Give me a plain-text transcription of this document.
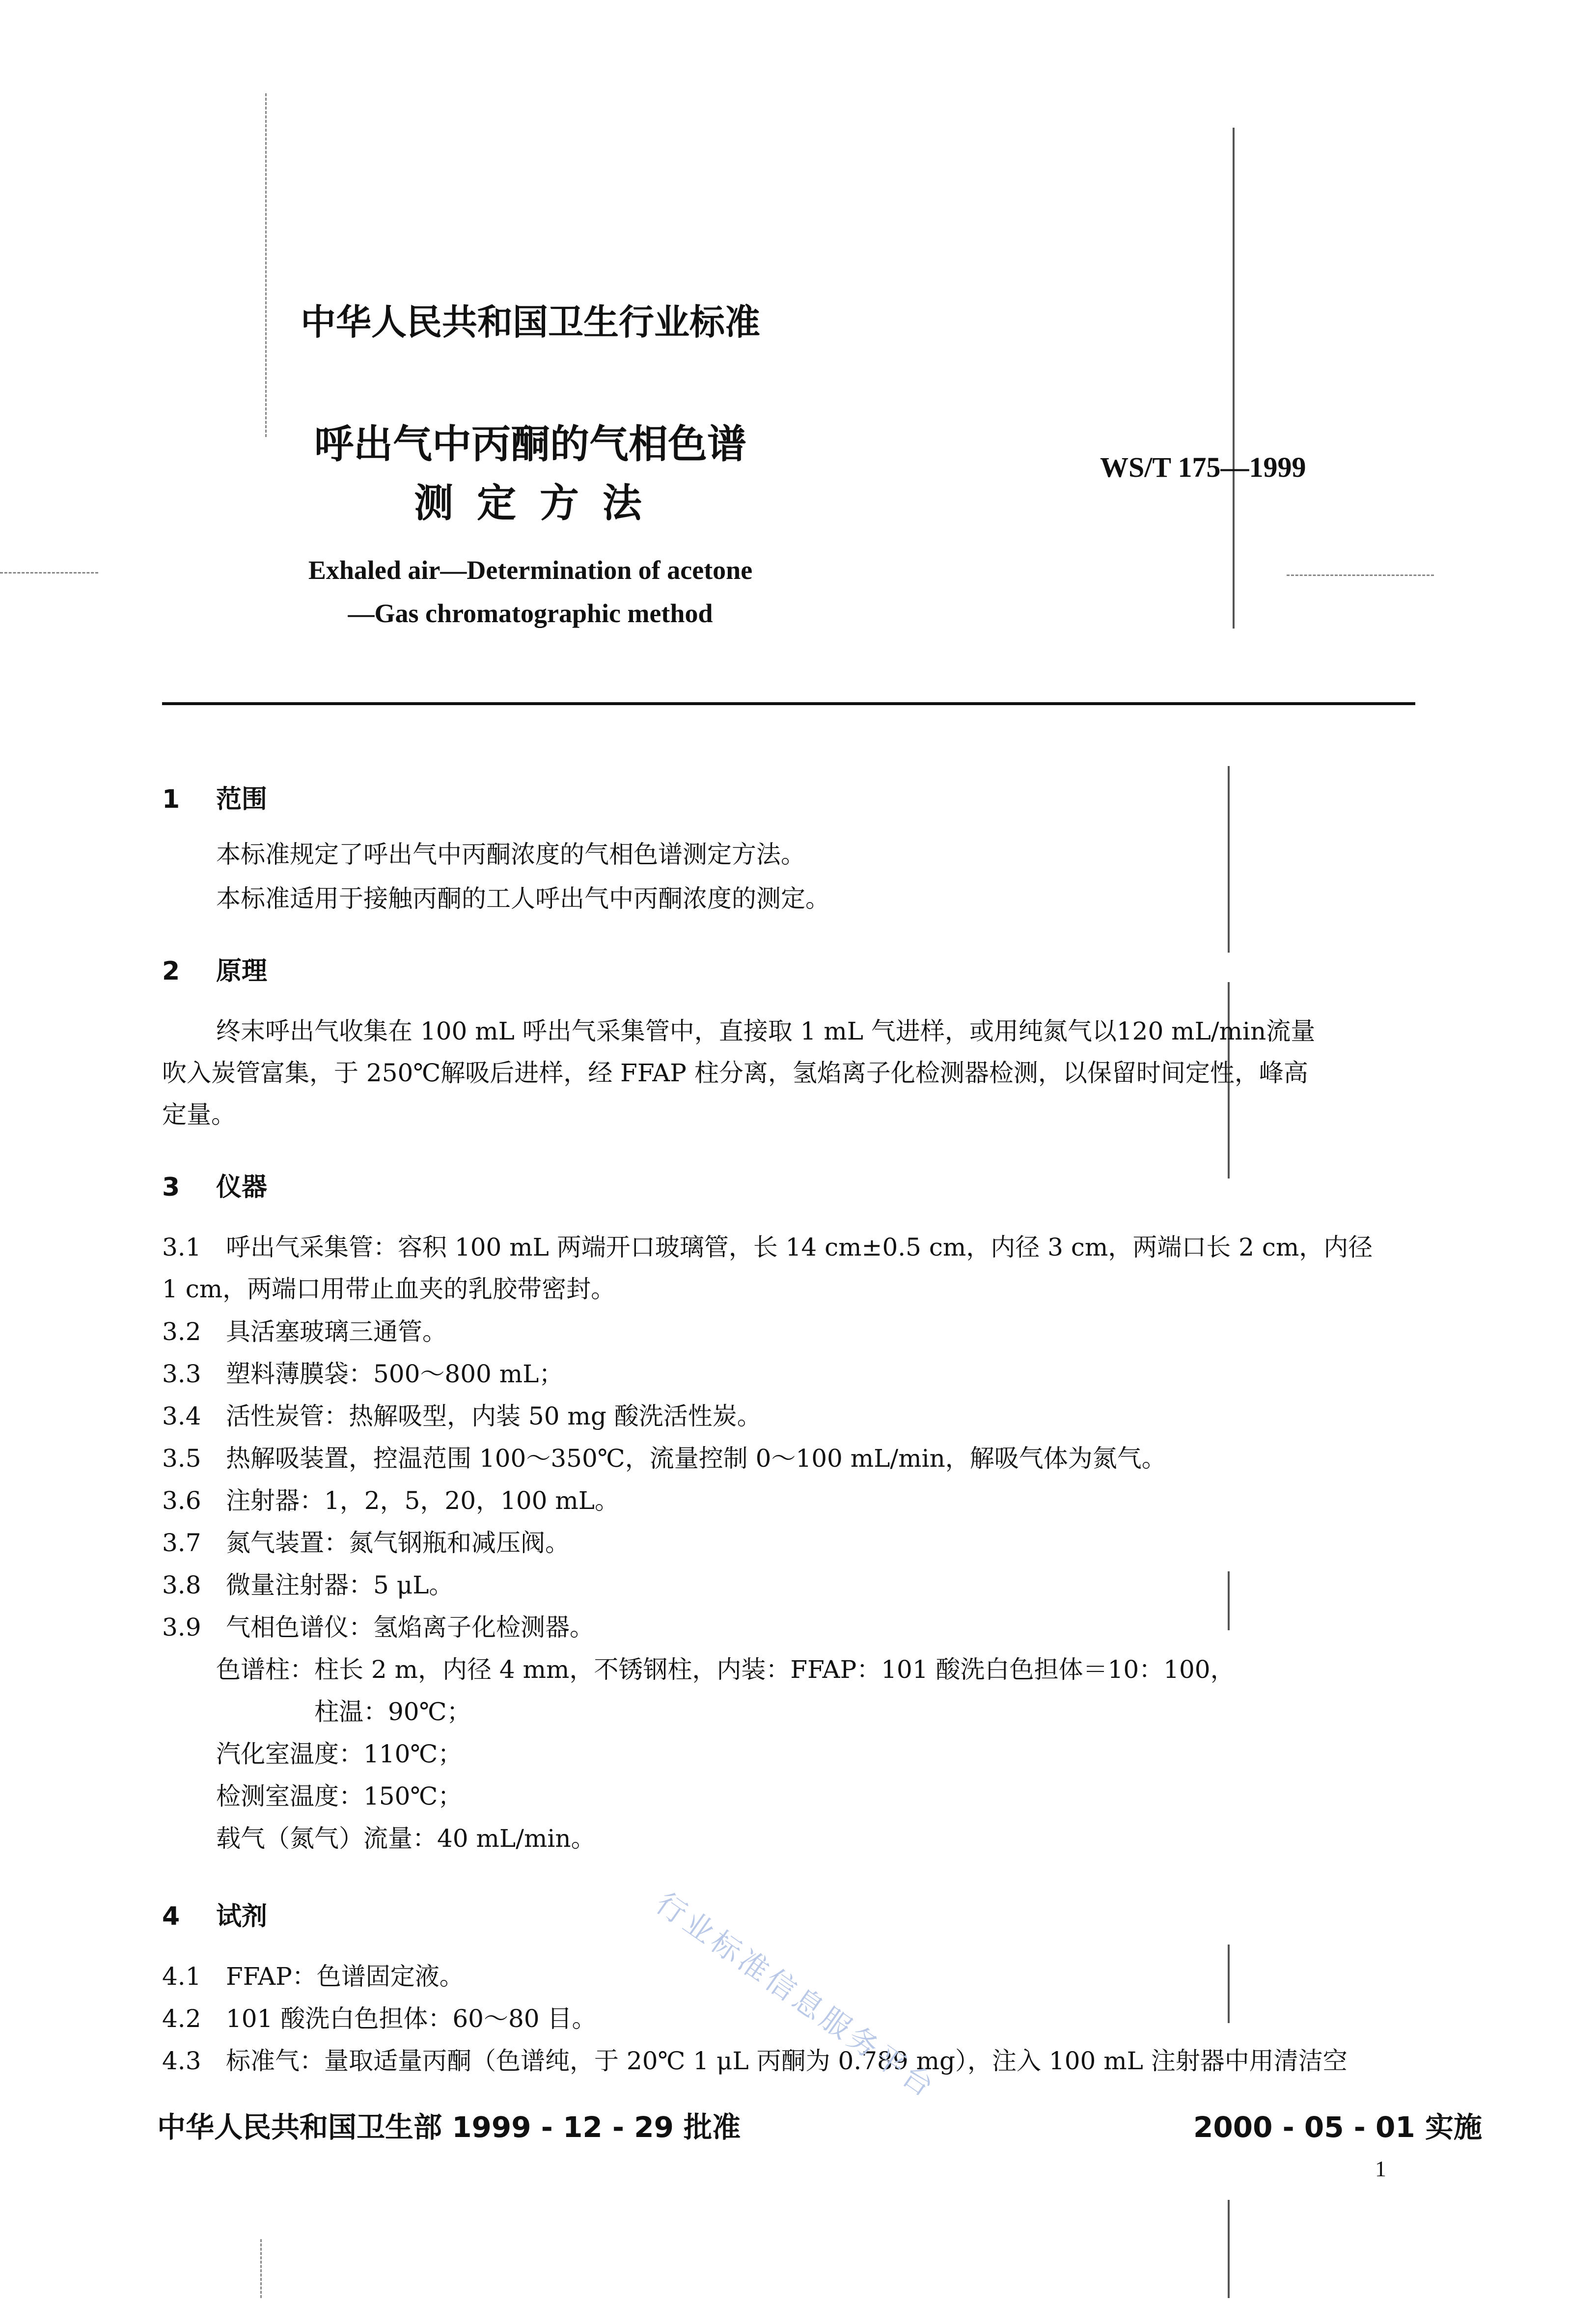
中华人民共和国卫生行业标准
呼出气中丙酮的气相色谱
测 定 方 法
WS/T 175—1999
Exhaled air—Determination of acetone
—Gas chromatographic method
1 范围
本标准规定了呼出气中丙酮浓度的气相色谱测定方法。
本标准适用于接触丙酮的工人呼出气中丙酮浓度的测定。
2 原理
终末呼出气收集在 100 mL 呼出气采集管中，直接取 1 mL 气进样，或用纯氮气以120 mL/min流量
吹入炭管富集，于 250℃解吸后进样，经 FFAP 柱分离，氢焰离子化检测器检测，以保留时间定性，峰高
定量。
3 仪器
3.1 呼出气采集管：容积 100 mL 两端开口玻璃管，长 14 cm±0.5 cm，内径 3 cm，两端口长 2 cm，内径
1 cm，两端口用带止血夹的乳胶带密封。
3.2 具活塞玻璃三通管。
3.3 塑料薄膜袋：500～800 mL；
3.4 活性炭管：热解吸型，内装 50 mg 酸洗活性炭。
3.5 热解吸装置，控温范围 100～350℃，流量控制 0～100 mL/min，解吸气体为氮气。
3.6 注射器：1，2，5，20，100 mL。
3.7 氮气装置：氮气钢瓶和减压阀。
3.8 微量注射器：5 μL。
3.9 气相色谱仪：氢焰离子化检测器。
色谱柱：柱长 2 m，内径 4 mm，不锈钢柱，内装：FFAP：101 酸洗白色担体＝10：100，
柱温：90℃；
汽化室温度：110℃；
检测室温度：150℃；
载气（氮气）流量：40 mL/min。
4 试剂
4.1 FFAP：色谱固定液。
4.2 101 酸洗白色担体：60～80 目。
4.3 标准气：量取适量丙酮（色谱纯，于 20℃ 1 μL 丙酮为 0.789 mg），注入 100 mL 注射器中用清洁空
行业标准信息服务平台
中华人民共和国卫生部 1999 - 12 - 29 批准	2000 - 05 - 01 实施
1
